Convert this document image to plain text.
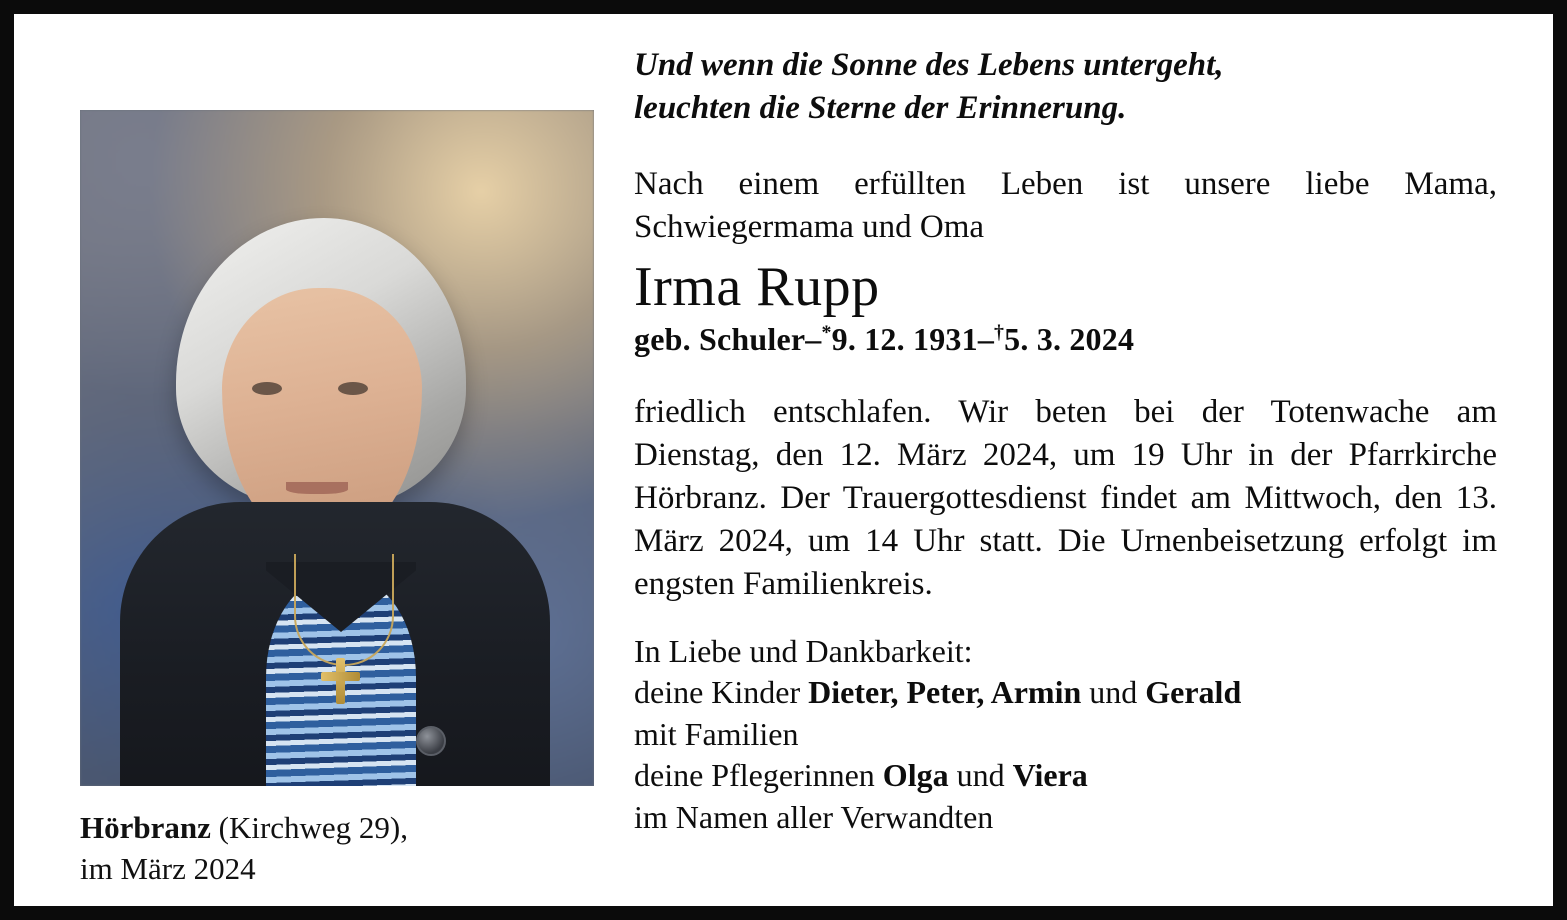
Hörbranz (Kirchweg 29),
im März 2024
Und wenn die Sonne des Lebens untergeht,
leuchten die Sterne der Erinnerung.

Nach einem erfüllten Leben ist unsere liebe Mama, Schwiegermama und Oma

Irma Rupp
geb. Schuler–*9. 12. 1931–†5. 3. 2024

friedlich entschlafen. Wir beten bei der Totenwache am Dienstag, den 12. März 2024, um 19 Uhr in der Pfarrkirche Hörbranz. Der Trauergottesdienst findet am Mittwoch, den 13. März 2024, um 14 Uhr statt. Die Urnenbeisetzung erfolgt im engsten Familienkreis.

In Liebe und Dankbarkeit:
deine Kinder Dieter, Peter, Armin und Gerald
mit Familien
deine Pflegerinnen Olga und Viera
im Namen aller Verwandten
